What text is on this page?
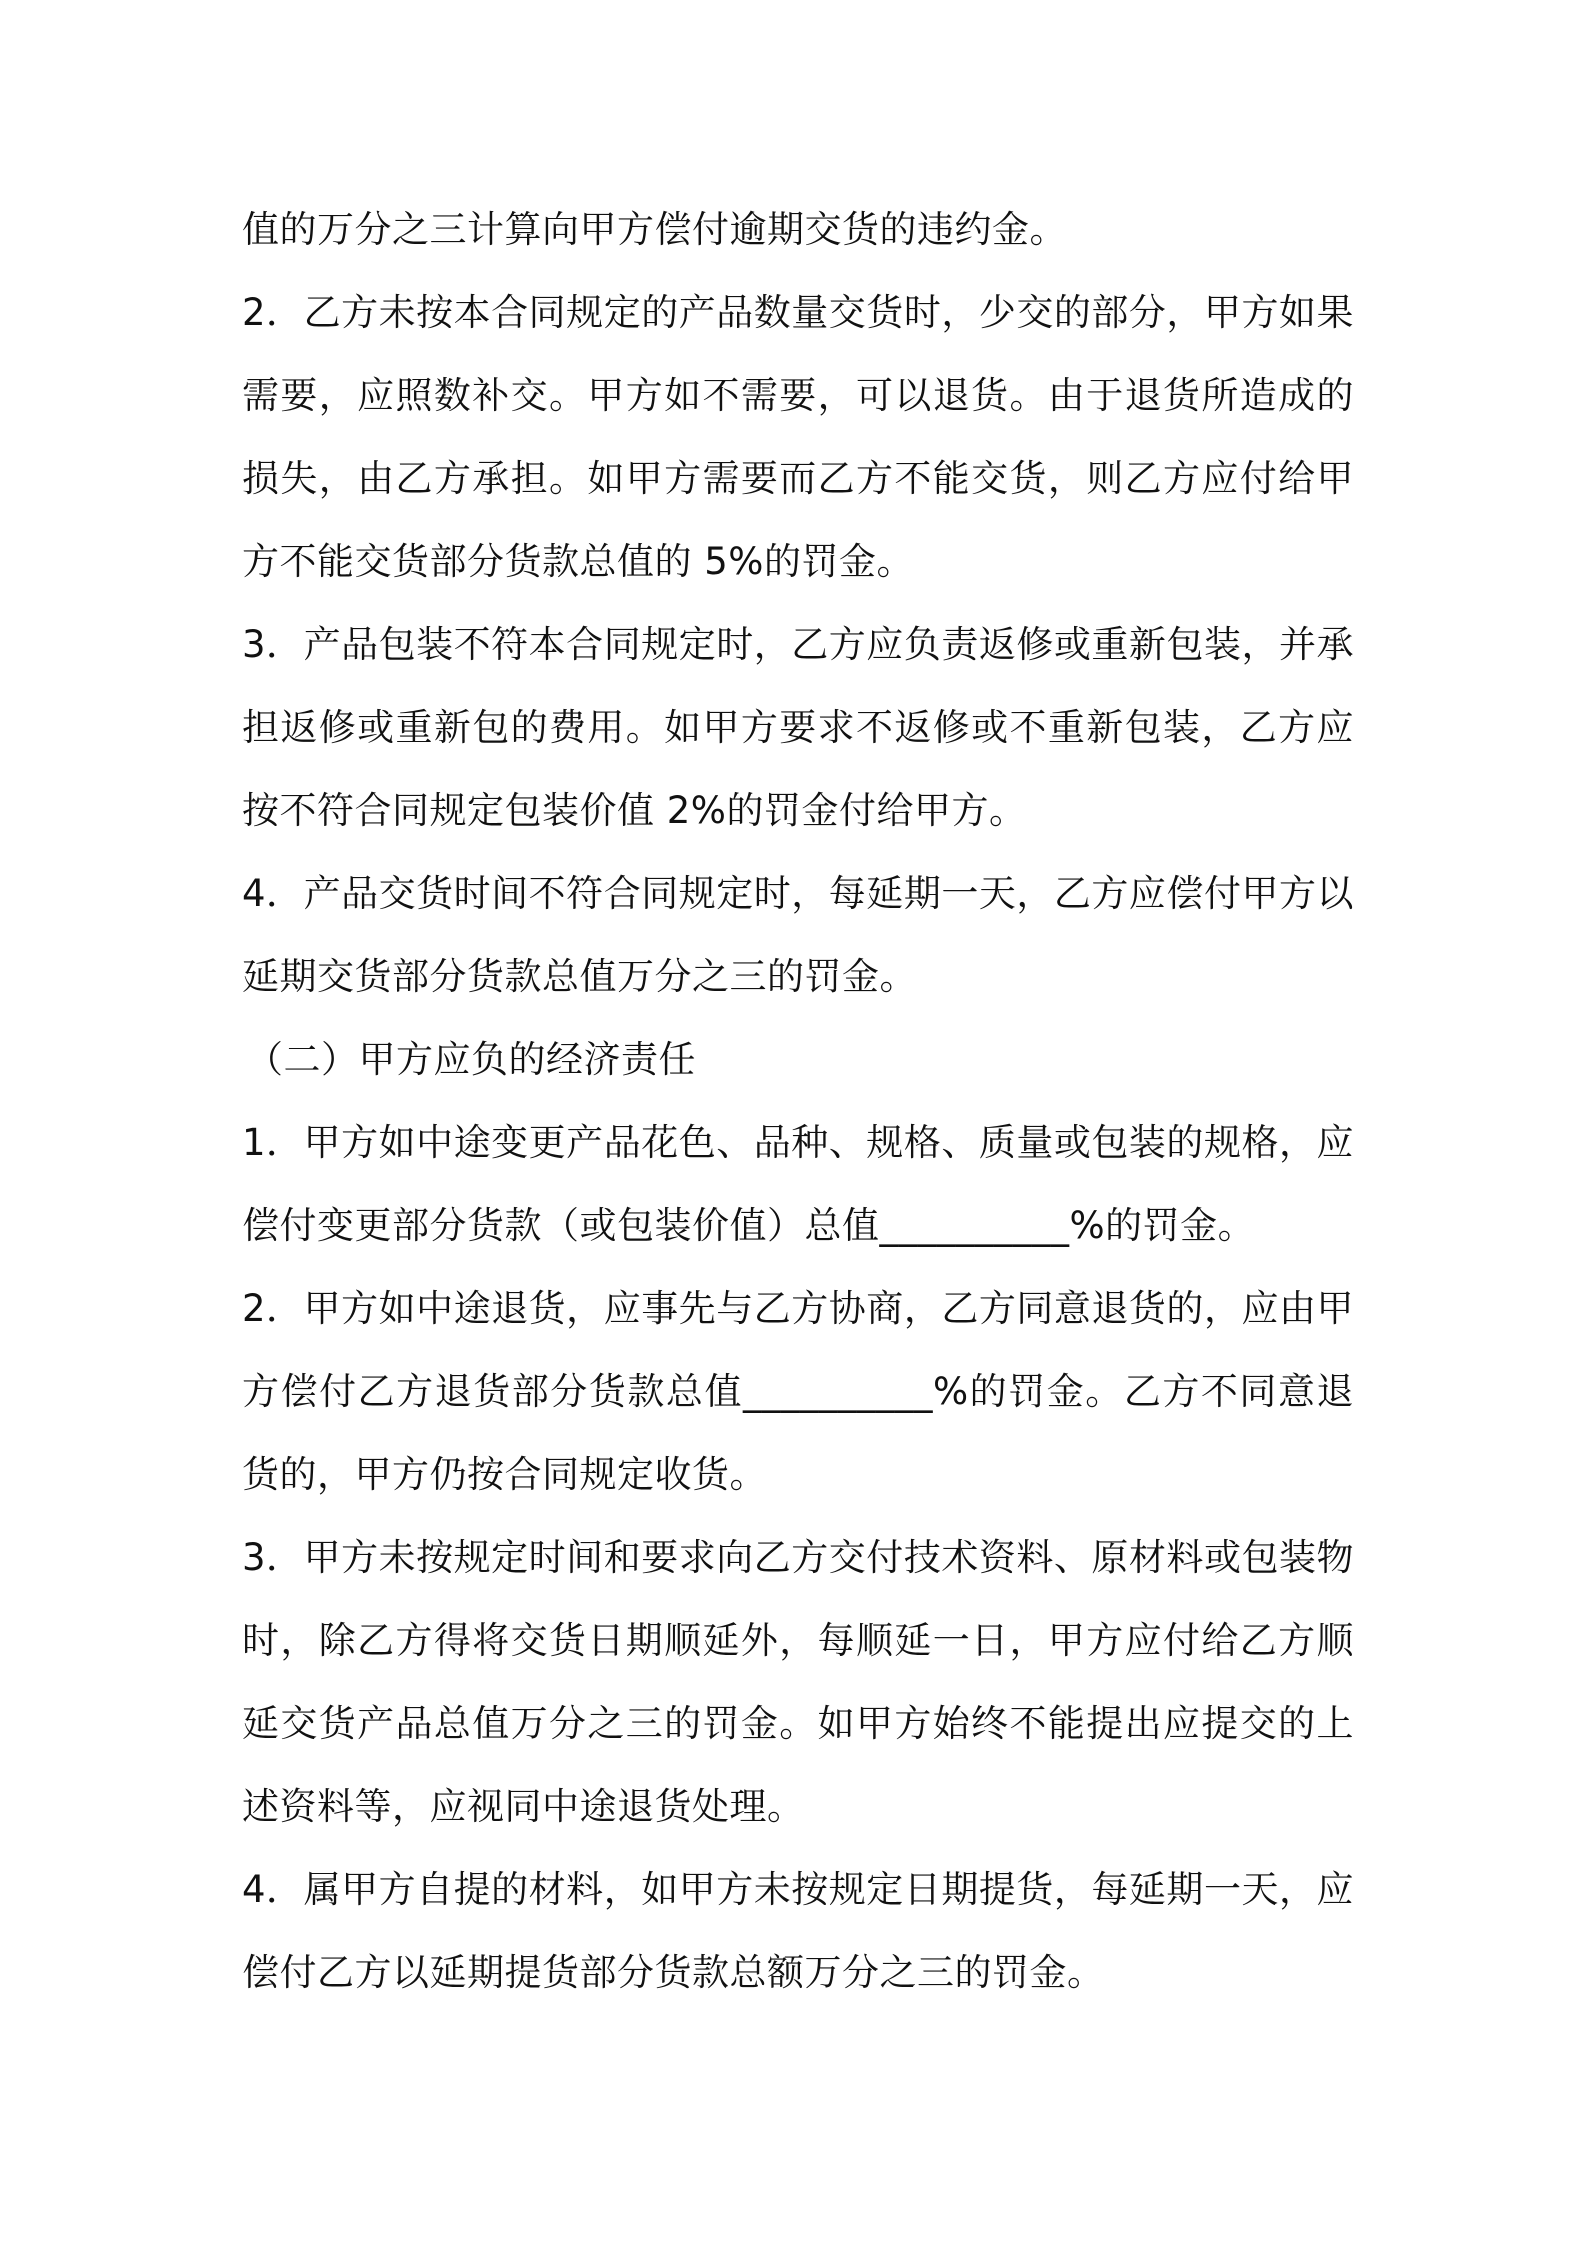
值的万分之三计算向甲方偿付逾期交货的违约金。

2．乙方未按本合同规定的产品数量交货时，少交的部分，甲方如果需要，应照数补交。甲方如不需要，可以退货。由于退货所造成的损失，由乙方承担。如甲方需要而乙方不能交货，则乙方应付给甲方不能交货部分货款总值的 5%的罚金。

3．产品包装不符本合同规定时，乙方应负责返修或重新包装，并承担返修或重新包的费用。如甲方要求不返修或不重新包装，乙方应按不符合同规定包装价值 2%的罚金付给甲方。

4．产品交货时间不符合同规定时，每延期一天，乙方应偿付甲方以延期交货部分货款总值万分之三的罚金。

（二）甲方应负的经济责任

1．甲方如中途变更产品花色、品种、规格、质量或包装的规格，应偿付变更部分货款（或包装价值）总值__________%的罚金。

2．甲方如中途退货，应事先与乙方协商，乙方同意退货的，应由甲方偿付乙方退货部分货款总值__________%的罚金。乙方不同意退货的，甲方仍按合同规定收货。

3．甲方未按规定时间和要求向乙方交付技术资料、原材料或包装物时，除乙方得将交货日期顺延外，每顺延一日，甲方应付给乙方顺延交货产品总值万分之三的罚金。如甲方始终不能提出应提交的上述资料等，应视同中途退货处理。

4．属甲方自提的材料，如甲方未按规定日期提货，每延期一天，应偿付乙方以延期提货部分货款总额万分之三的罚金。
